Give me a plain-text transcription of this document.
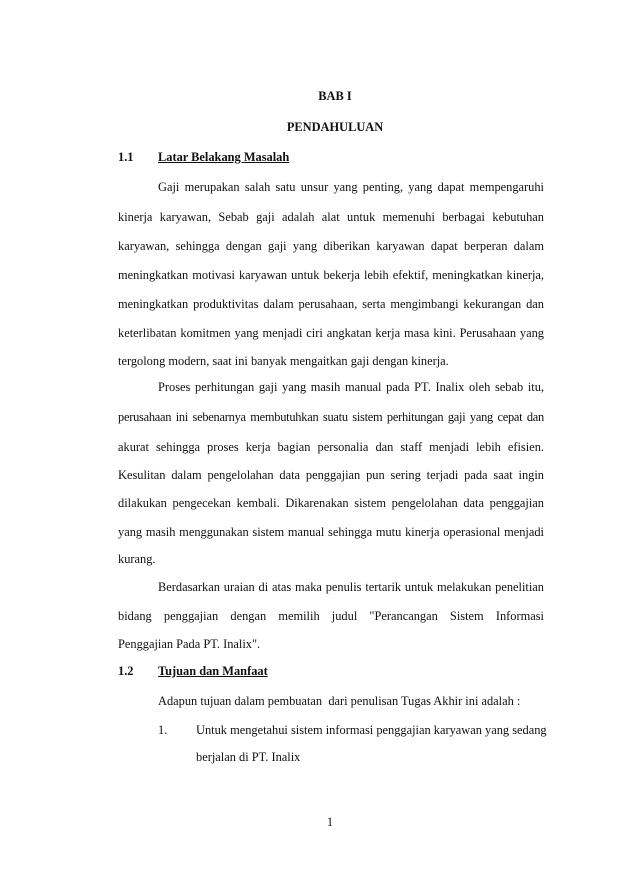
BAB I
PENDAHULUAN
1.1 Latar Belakang Masalah
Gaji merupakan salah satu unsur yang penting, yang dapat mempengaruhi
kinerja karyawan, Sebab gaji adalah alat untuk memenuhi berbagai kebutuhan
karyawan, sehingga dengan gaji yang diberikan karyawan dapat berperan dalam
meningkatkan motivasi karyawan untuk bekerja lebih efektif, meningkatkan kinerja,
meningkatkan produktivitas dalam perusahaan, serta mengimbangi kekurangan dan
keterlibatan komitmen yang menjadi ciri angkatan kerja masa kini. Perusahaan yang
tergolong modern, saat ini banyak mengaitkan gaji dengan kinerja.
Proses perhitungan gaji yang masih manual pada PT. Inalix oleh sebab itu,
perusahaan ini sebenarnya membutuhkan suatu sistem perhitungan gaji yang cepat dan
akurat sehingga proses kerja bagian personalia dan staff menjadi lebih efisien.
Kesulitan dalam pengelolahan data penggajian pun sering terjadi pada saat ingin
dilakukan pengecekan kembali. Dikarenakan sistem pengelolahan data penggajian
yang masih menggunakan sistem manual sehingga mutu kinerja operasional menjadi
kurang.
Berdasarkan uraian di atas maka penulis tertarik untuk melakukan penelitian
bidang penggajian dengan memilih judul "Perancangan Sistem Informasi
Penggajian Pada PT. Inalix".
1.2 Tujuan dan Manfaat
Adapun tujuan dalam pembuatan  dari penulisan Tugas Akhir ini adalah :
1. Untuk mengetahui sistem informasi penggajian karyawan yang sedang
berjalan di PT. Inalix
1
